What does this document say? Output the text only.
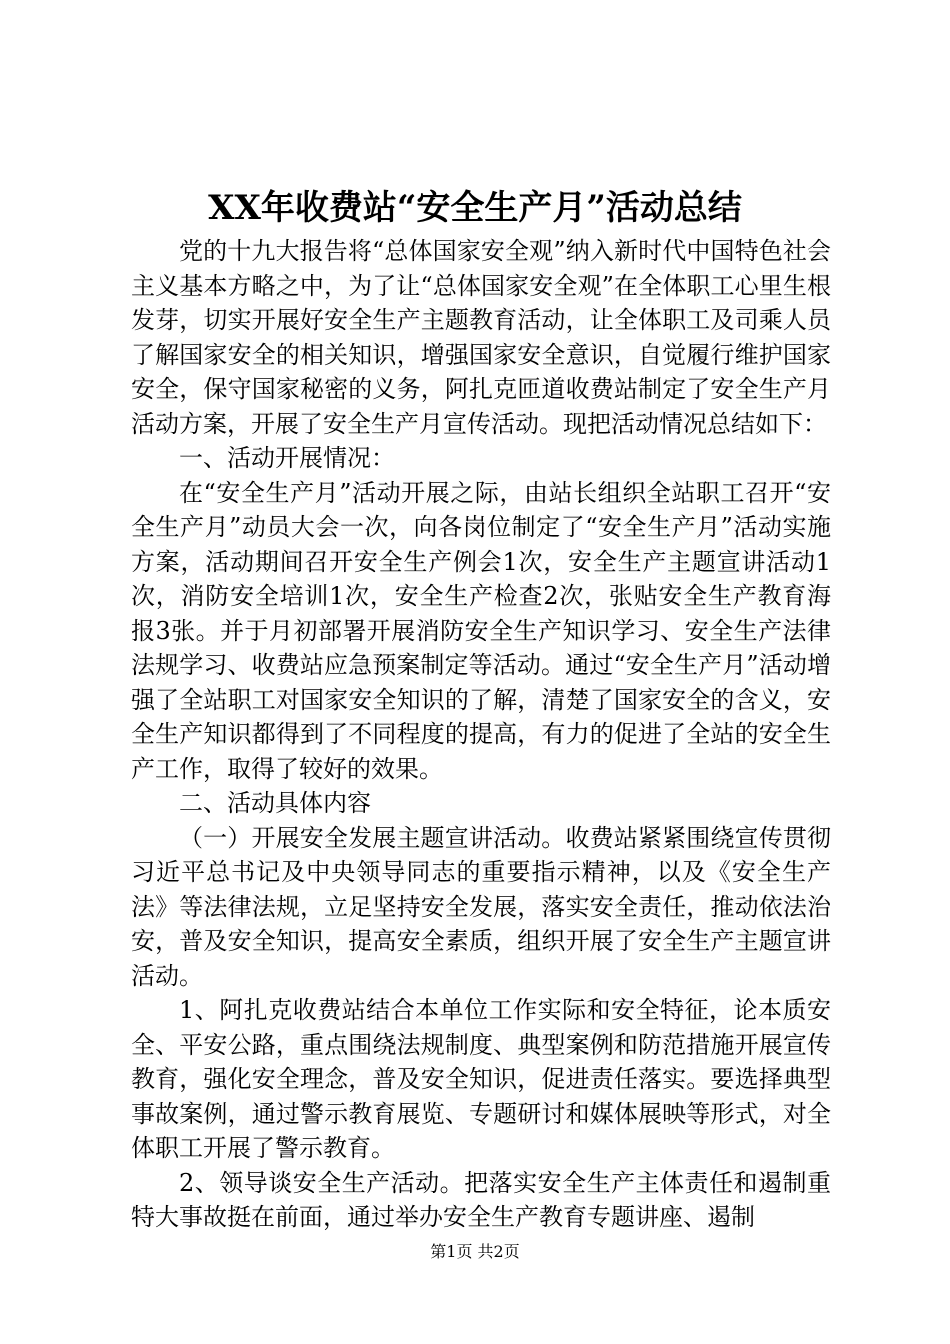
XX年收费站“安全生产月”活动总结

党的十九大报告将“总体国家安全观”纳入新时代中国特色社会主义基本方略之中，为了让“总体国家安全观”在全体职工心里生根发芽，切实开展好安全生产主题教育活动，让全体职工及司乘人员了解国家安全的相关知识，增强国家安全意识，自觉履行维护国家安全，保守国家秘密的义务，阿扎克匝道收费站制定了安全生产月活动方案，开展了安全生产月宣传活动。现把活动情况总结如下：

一、活动开展情况：

在“安全生产月”活动开展之际，由站长组织全站职工召开“安全生产月”动员大会一次，向各岗位制定了“安全生产月”活动实施方案，活动期间召开安全生产例会1次，安全生产主题宣讲活动1次，消防安全培训1次，安全生产检查2次，张贴安全生产教育海报3张。并于月初部署开展消防安全生产知识学习、安全生产法律法规学习、收费站应急预案制定等活动。通过“安全生产月”活动增强了全站职工对国家安全知识的了解，清楚了国家安全的含义，安全生产知识都得到了不同程度的提高，有力的促进了全站的安全生产工作，取得了较好的效果。

二、活动具体内容

（一）开展安全发展主题宣讲活动。收费站紧紧围绕宣传贯彻习近平总书记及中央领导同志的重要指示精神，以及《安全生产法》等法律法规，立足坚持安全发展，落实安全责任，推动依法治安，普及安全知识，提高安全素质，组织开展了安全生产主题宣讲活动。

1、阿扎克收费站结合本单位工作实际和安全特征，论本质安全、平安公路，重点围绕法规制度、典型案例和防范措施开展宣传教育，强化安全理念，普及安全知识，促进责任落实。要选择典型事故案例，通过警示教育展览、专题研讨和媒体展映等形式，对全体职工开展了警示教育。

2、领导谈安全生产活动。把落实安全生产主体责任和遏制重特大事故挺在前面，通过举办安全生产教育专题讲座、遏制

第1页 共2页
